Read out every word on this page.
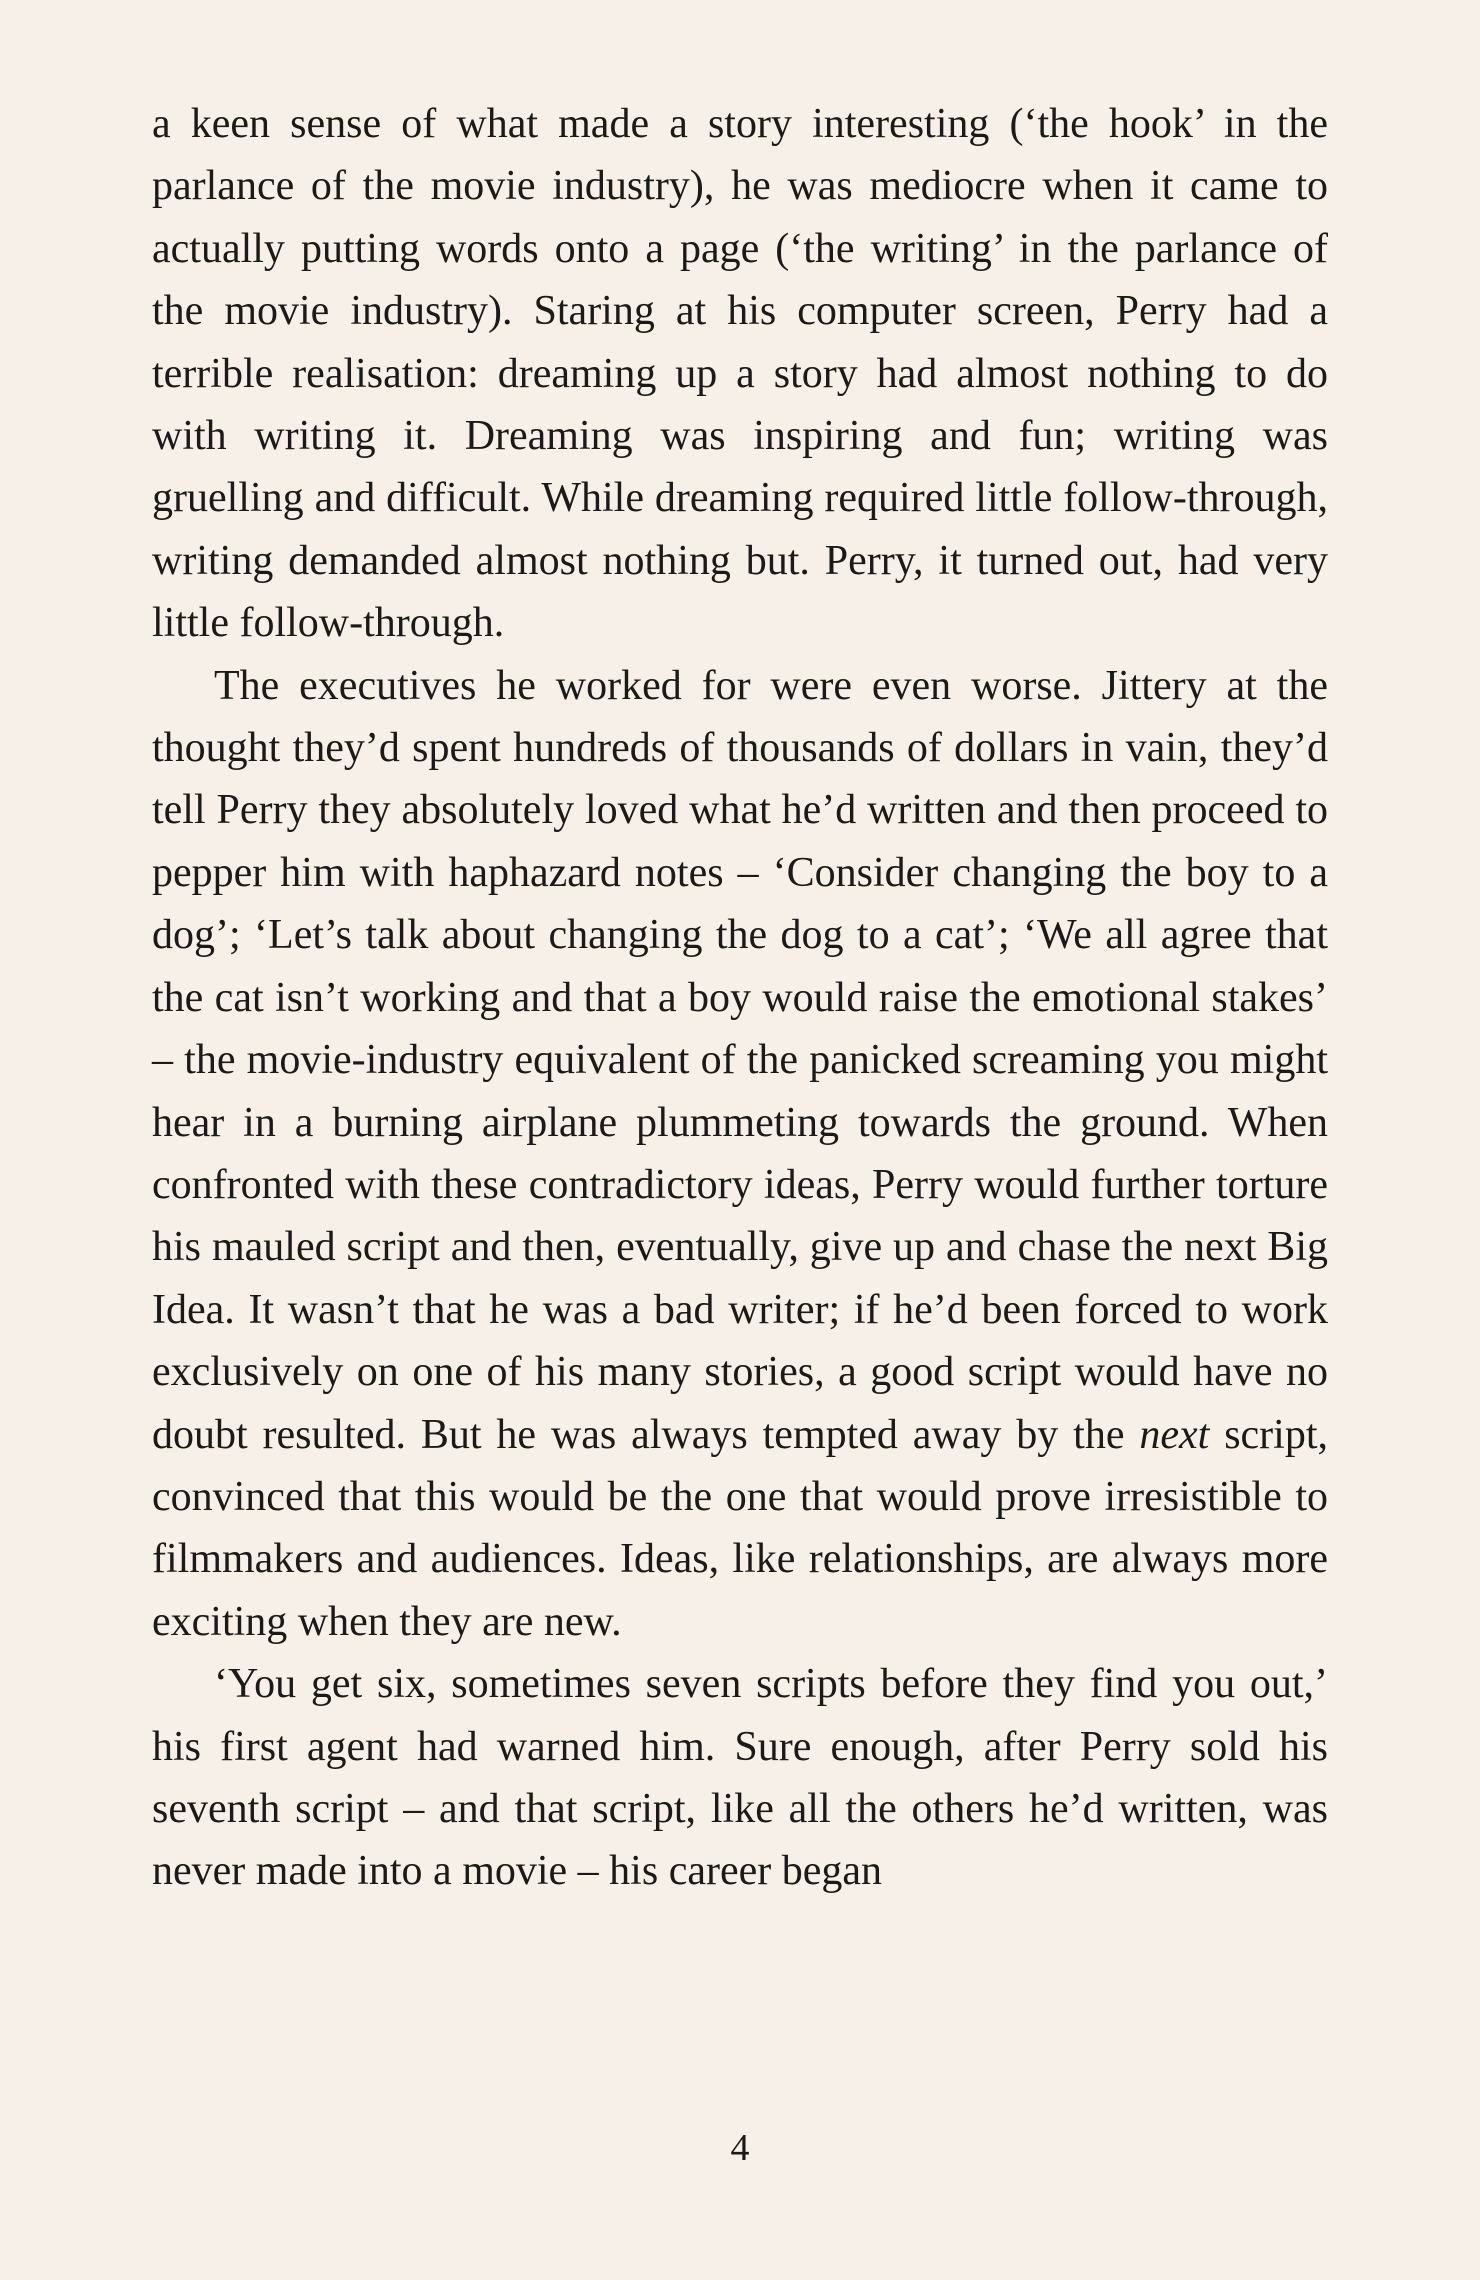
a keen sense of what made a story interesting (‘the hook’ in the parlance of the movie industry), he was mediocre when it came to actually putting words onto a page (‘the writing’ in the parlance of the movie industry). Staring at his computer screen, Perry had a terrible realisation: dreaming up a story had almost nothing to do with writing it. Dreaming was inspiring and fun; writing was gruelling and difficult. While dreaming required little follow-through, writing demanded almost nothing but. Perry, it turned out, had very little follow-through.

The executives he worked for were even worse. Jittery at the thought they’d spent hundreds of thousands of dollars in vain, they’d tell Perry they absolutely loved what he’d written and then proceed to pepper him with haphazard notes – ‘Consider changing the boy to a dog’; ‘Let’s talk about changing the dog to a cat’; ‘We all agree that the cat isn’t working and that a boy would raise the emotional stakes’ – the movie-industry equivalent of the panicked screaming you might hear in a burning airplane plummeting towards the ground. When confronted with these contradictory ideas, Perry would further torture his mauled script and then, eventually, give up and chase the next Big Idea. It wasn’t that he was a bad writer; if he’d been forced to work exclusively on one of his many stories, a good script would have no doubt resulted. But he was always tempted away by the next script, convinced that this would be the one that would prove irresistible to filmmakers and audiences. Ideas, like relationships, are always more exciting when they are new.

‘You get six, sometimes seven scripts before they find you out,’ his first agent had warned him. Sure enough, after Perry sold his seventh script – and that script, like all the others he’d written, was never made into a movie – his career began

4
